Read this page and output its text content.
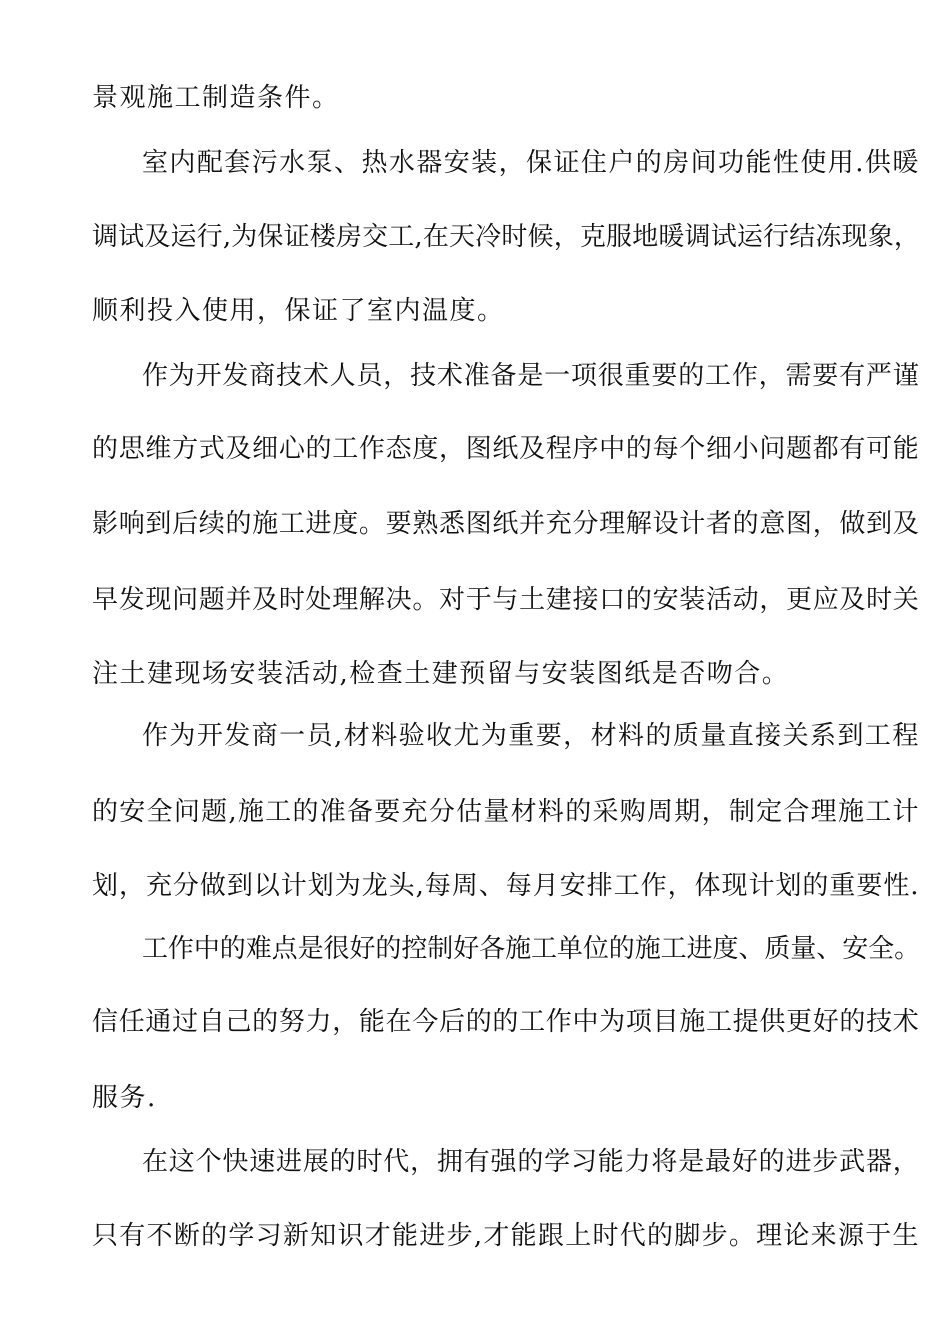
景观施工制造条件。
室内配套污水泵、热水器安装，保证住户的房间功能性使用.供暖
调试及运行,为保证楼房交工,在天冷时候，克服地暖调试运行结冻现象，
顺利投入使用，保证了室内温度。
作为开发商技术人员，技术准备是一项很重要的工作，需要有严谨
的思维方式及细心的工作态度，图纸及程序中的每个细小问题都有可能
影响到后续的施工进度。要熟悉图纸并充分理解设计者的意图，做到及
早发现问题并及时处理解决。对于与土建接口的安装活动，更应及时关
注土建现场安装活动,检查土建预留与安装图纸是否吻合。
作为开发商一员,材料验收尤为重要，材料的质量直接关系到工程
的安全问题,施工的准备要充分估量材料的采购周期，制定合理施工计
划，充分做到以计划为龙头,每周、每月安排工作，体现计划的重要性.
工作中的难点是很好的控制好各施工单位的施工进度、质量、安全。
信任通过自己的努力，能在今后的的工作中为项目施工提供更好的技术
服务.
在这个快速进展的时代，拥有强的学习能力将是最好的进步武器，
只有不断的学习新知识才能进步,才能跟上时代的脚步。理论来源于生
